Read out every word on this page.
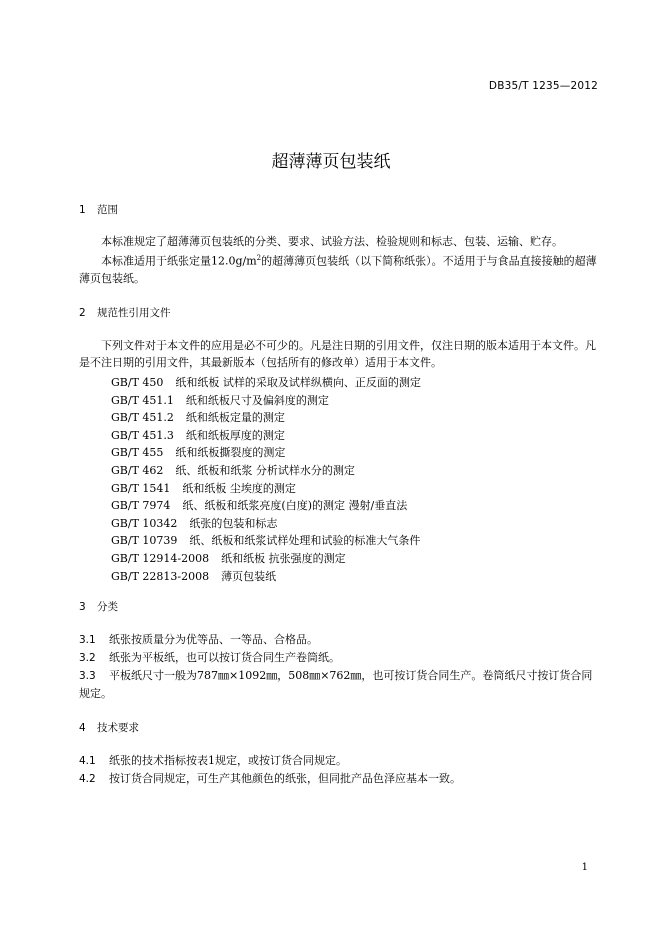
DB35/T 1235—2012
超薄薄页包装纸
1 范围
本标准规定了超薄薄页包装纸的分类、要求、试验方法、检验规则和标志、包装、运输、贮存。
本标准适用于纸张定量$12.0g/m^2$的超薄薄页包装纸（以下简称纸张）。不适用于与食品直接接触的超薄薄页包装纸。
2 规范性引用文件
下列文件对于本文件的应用是必不可少的。凡是注日期的引用文件，仅注日期的版本适用于本文件。凡是不注日期的引用文件，其最新版本（包括所有的修改单）适用于本文件。
GB/T 450 纸和纸板 试样的采取及试样纵横向、正反面的测定
GB/T 451.1 纸和纸板尺寸及偏斜度的测定
GB/T 451.2 纸和纸板定量的测定
GB/T 451.3 纸和纸板厚度的测定
GB/T 455 纸和纸板撕裂度的测定
GB/T 462 纸、纸板和纸浆 分析试样水分的测定
GB/T 1541 纸和纸板 尘埃度的测定
GB/T 7974 纸、纸板和纸浆亮度(白度)的测定 漫射/垂直法
GB/T 10342 纸张的包装和标志
GB/T 10739 纸、纸板和纸浆试样处理和试验的标准大气条件
GB/T 12914-2008 纸和纸板 抗张强度的测定
GB/T 22813-2008 薄页包装纸
3 分类
3.1 纸张按质量分为优等品、一等品、合格品。
3.2 纸张为平板纸，也可以按订货合同生产卷筒纸。
3.3 平板纸尺寸一般为787㎜×1092㎜，508㎜×762㎜，也可按订货合同生产。卷筒纸尺寸按订货合同规定。
4 技术要求
4.1 纸张的技术指标按表1规定，或按订货合同规定。
4.2 按订货合同规定，可生产其他颜色的纸张，但同批产品色泽应基本一致。
1
